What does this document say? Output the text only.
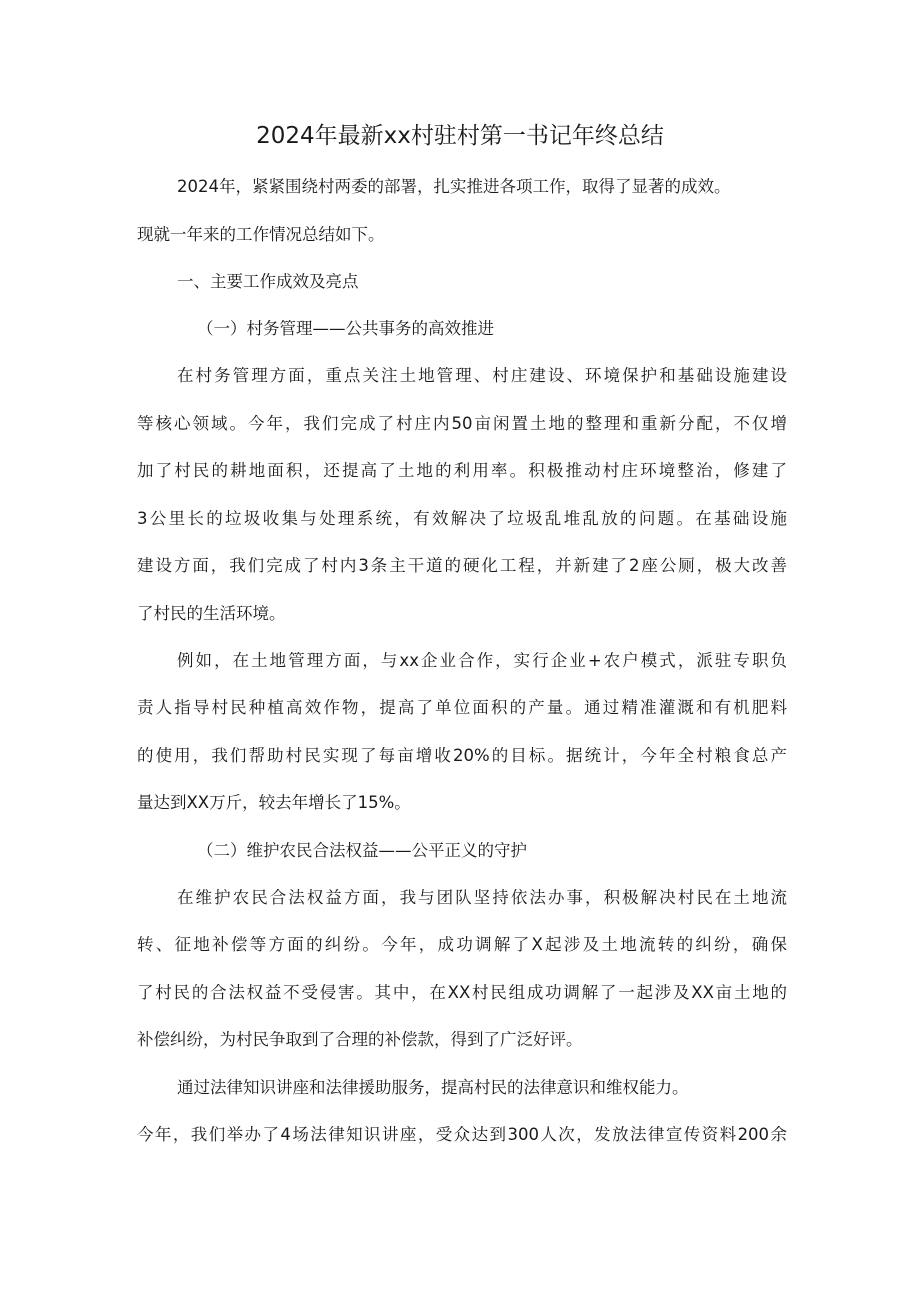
2024年最新xx村驻村第一书记年终总结
2024年，紧紧围绕村两委的部署，扎实推进各项工作，取得了显著的成效。
现就一年来的工作情况总结如下。
一、主要工作成效及亮点
（一）村务管理——公共事务的高效推进
在村务管理方面，重点关注土地管理、村庄建设、环境保护和基础设施建设
等核心领域。今年，我们完成了村庄内50亩闲置土地的整理和重新分配，不仅增
加了村民的耕地面积，还提高了土地的利用率。积极推动村庄环境整治，修建了
3公里长的垃圾收集与处理系统，有效解决了垃圾乱堆乱放的问题。在基础设施
建设方面，我们完成了村内3条主干道的硬化工程，并新建了2座公厕，极大改善
了村民的生活环境。
例如，在土地管理方面，与xx企业合作，实行企业+农户模式，派驻专职负
责人指导村民种植高效作物，提高了单位面积的产量。通过精准灌溉和有机肥料
的使用，我们帮助村民实现了每亩增收20%的目标。据统计，今年全村粮食总产
量达到XX万斤，较去年增长了15%。
（二）维护农民合法权益——公平正义的守护
在维护农民合法权益方面，我与团队坚持依法办事，积极解决村民在土地流
转、征地补偿等方面的纠纷。今年，成功调解了X起涉及土地流转的纠纷，确保
了村民的合法权益不受侵害。其中，在XX村民组成功调解了一起涉及XX亩土地的
补偿纠纷，为村民争取到了合理的补偿款，得到了广泛好评。
通过法律知识讲座和法律援助服务，提高村民的法律意识和维权能力。
今年，我们举办了4场法律知识讲座，受众达到300人次，发放法律宣传资料200余
